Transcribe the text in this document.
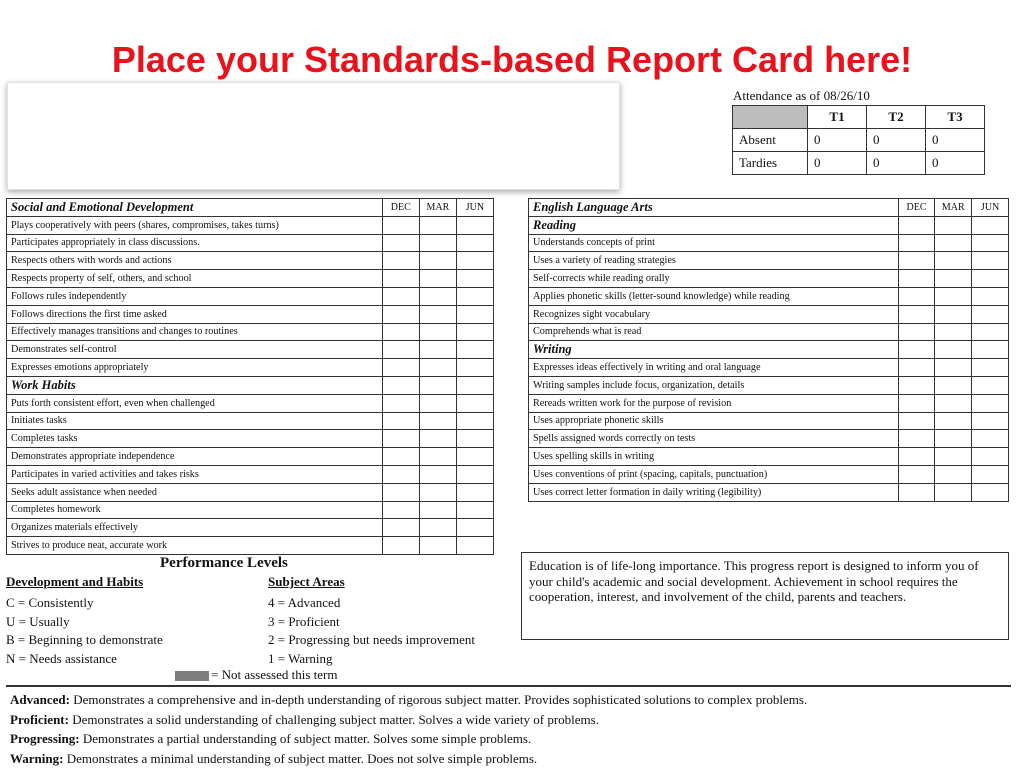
Place your Standards-based Report Card here!
Attendance as of 08/26/10
	T1	T2	T3
Absent	0	0	0
Tardies	0	0	0
Social and Emotional Development	DEC	MAR	JUN
Plays cooperatively with peers (shares, compromises, takes turns)			
Participates appropriately in class discussions.			
Respects others with words and actions			
Respects property of self, others, and school			
Follows rules independently			
Follows directions the first time asked			
Effectively manages transitions and changes to routines			
Demonstrates self-control			
Expresses emotions appropriately			
Work Habits			
Puts forth consistent effort, even when challenged			
Initiates tasks			
Completes tasks			
Demonstrates appropriate independence			
Participates in varied activities and takes risks			
Seeks adult assistance when needed			
Completes homework			
Organizes materials effectively			
Strives to produce neat, accurate work			
English Language Arts	DEC	MAR	JUN
Reading			
Understands concepts of print			
Uses a variety of reading strategies			
Self-corrects while reading orally			
Applies phonetic skills (letter-sound knowledge) while reading			
Recognizes sight vocabulary			
Comprehends what is read			
Writing			
Expresses ideas effectively in writing and oral language			
Writing samples include focus, organization, details			
Rereads written work for the purpose of revision			
Uses appropriate phonetic skills			
Spells assigned words correctly on tests			
Uses spelling skills in writing			
Uses conventions of print (spacing, capitals, punctuation)			
Uses correct letter formation in daily writing (legibility)			
Performance Levels
Development and Habits	Subject Areas
C = Consistently
U = Usually
B = Beginning to demonstrate
N = Needs assistance
4 = Advanced
3 = Proficient
2 = Progressing but needs improvement
1 = Warning
= Not assessed this term
Education is of life-long importance. This progress report is designed to inform you of your child's academic and social development. Achievement in school requires the cooperation, interest, and involvement of the child, parents and teachers.
Advanced: Demonstrates a comprehensive and in-depth understanding of rigorous subject matter. Provides sophisticated solutions to complex problems.
Proficient: Demonstrates a solid understanding of challenging subject matter. Solves a wide variety of problems.
Progressing: Demonstrates a partial understanding of subject matter. Solves some simple problems.
Warning: Demonstrates a minimal understanding of subject matter. Does not solve simple problems.
